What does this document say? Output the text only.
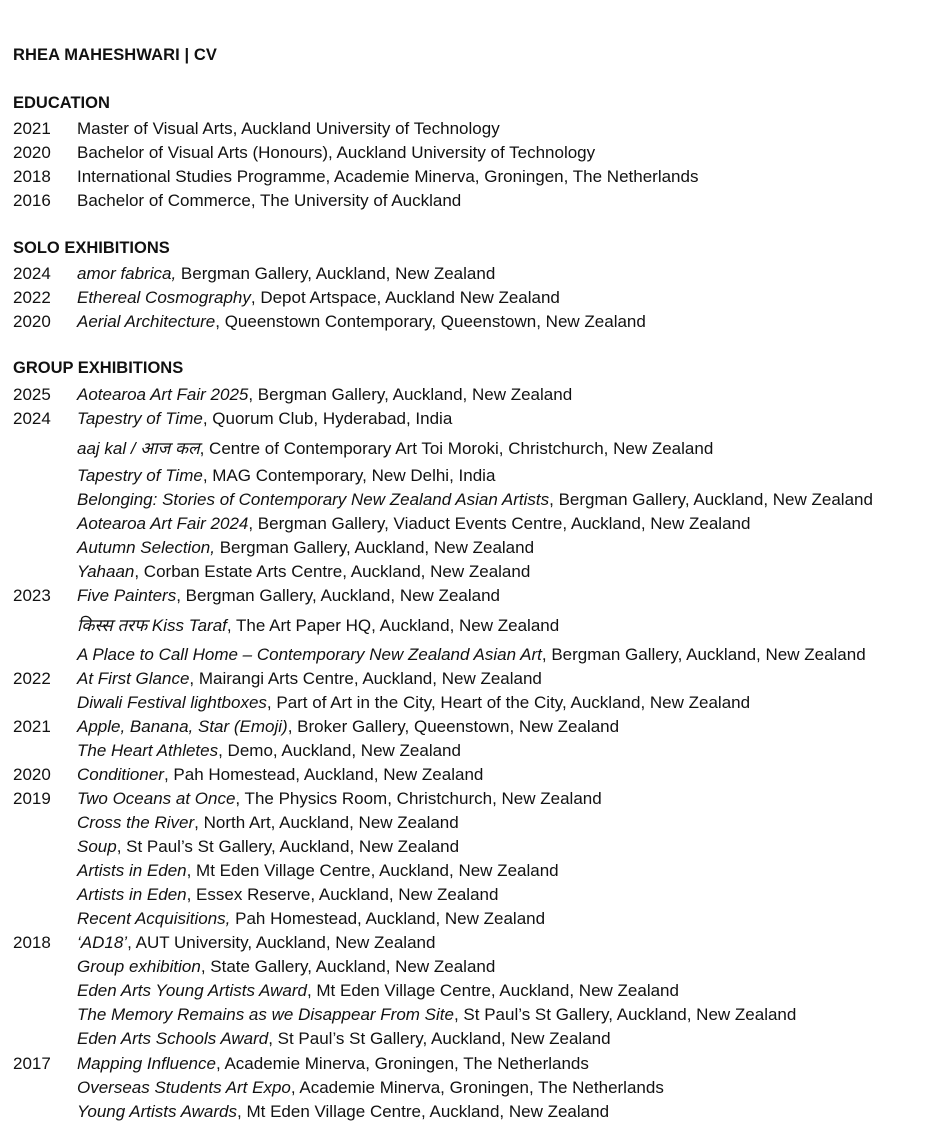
RHEA MAHESHWARI | CV
EDUCATION
2021 Master of Visual Arts, Auckland University of Technology
2020 Bachelor of Visual Arts (Honours), Auckland University of Technology
2018 International Studies Programme, Academie Minerva, Groningen, The Netherlands
2016 Bachelor of Commerce, The University of Auckland
SOLO EXHIBITIONS
2024 amor fabrica, Bergman Gallery, Auckland, New Zealand
2022 Ethereal Cosmography, Depot Artspace, Auckland New Zealand
2020 Aerial Architecture, Queenstown Contemporary, Queenstown, New Zealand
GROUP EXHIBITIONS
2025 Aotearoa Art Fair 2025, Bergman Gallery, Auckland, New Zealand
2024 Tapestry of Time, Quorum Club, Hyderabad, India
aaj kal / आज कल, Centre of Contemporary Art Toi Moroki, Christchurch, New Zealand
Tapestry of Time, MAG Contemporary, New Delhi, India
Belonging: Stories of Contemporary New Zealand Asian Artists, Bergman Gallery, Auckland, New Zealand
Aotearoa Art Fair 2024, Bergman Gallery, Viaduct Events Centre, Auckland, New Zealand
Autumn Selection, Bergman Gallery, Auckland, New Zealand
Yahaan, Corban Estate Arts Centre, Auckland, New Zealand
2023 Five Painters, Bergman Gallery, Auckland, New Zealand
किस्स तरफ Kiss Taraf, The Art Paper HQ, Auckland, New Zealand
A Place to Call Home – Contemporary New Zealand Asian Art, Bergman Gallery, Auckland, New Zealand
2022 At First Glance, Mairangi Arts Centre, Auckland, New Zealand
Diwali Festival lightboxes, Part of Art in the City, Heart of the City, Auckland, New Zealand
2021 Apple, Banana, Star (Emoji), Broker Gallery, Queenstown, New Zealand
The Heart Athletes, Demo, Auckland, New Zealand
2020 Conditioner, Pah Homestead, Auckland, New Zealand
2019 Two Oceans at Once, The Physics Room, Christchurch, New Zealand
Cross the River, North Art, Auckland, New Zealand
Soup, St Paul’s St Gallery, Auckland, New Zealand
Artists in Eden, Mt Eden Village Centre, Auckland, New Zealand
Artists in Eden, Essex Reserve, Auckland, New Zealand
Recent Acquisitions, Pah Homestead, Auckland, New Zealand
2018 ‘AD18’, AUT University, Auckland, New Zealand
Group exhibition, State Gallery, Auckland, New Zealand
Eden Arts Young Artists Award, Mt Eden Village Centre, Auckland, New Zealand
The Memory Remains as we Disappear From Site, St Paul’s St Gallery, Auckland, New Zealand
Eden Arts Schools Award, St Paul’s St Gallery, Auckland, New Zealand
2017 Mapping Influence, Academie Minerva, Groningen, The Netherlands
Overseas Students Art Expo, Academie Minerva, Groningen, The Netherlands
Young Artists Awards, Mt Eden Village Centre, Auckland, New Zealand
